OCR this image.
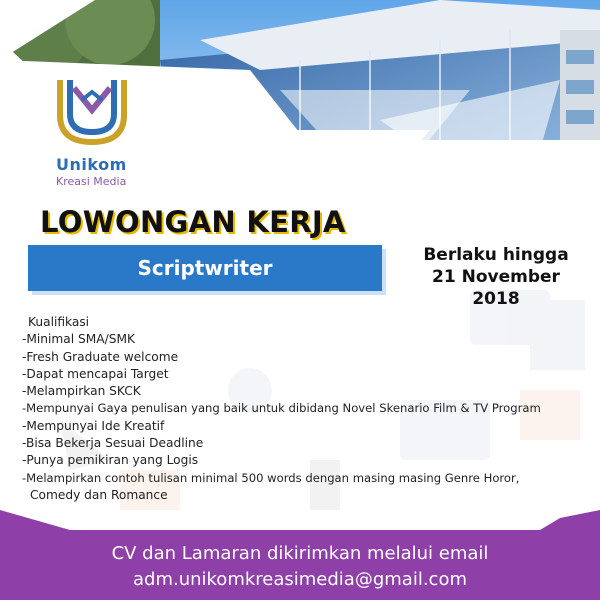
Unikom
Kreasi Media
LOWONGAN KERJA
Scriptwriter
Berlaku hingga
21 November
2018
Kualifikasi
-Minimal SMA/SMK
-Fresh Graduate welcome
-Dapat mencapai Target
-Melampirkan SKCK
-Mempunyai Gaya penulisan yang baik untuk dibidang Novel Skenario Film & TV Program
-Mempunyai Ide Kreatif
-Bisa Bekerja Sesuai Deadline
-Punya pemikiran yang Logis
-Melampirkan contoh tulisan minimal 500 words dengan masing masing Genre Horor,
Comedy dan Romance
CV dan Lamaran dikirimkan melalui email
adm.unikomkreasimedia@gmail.com
